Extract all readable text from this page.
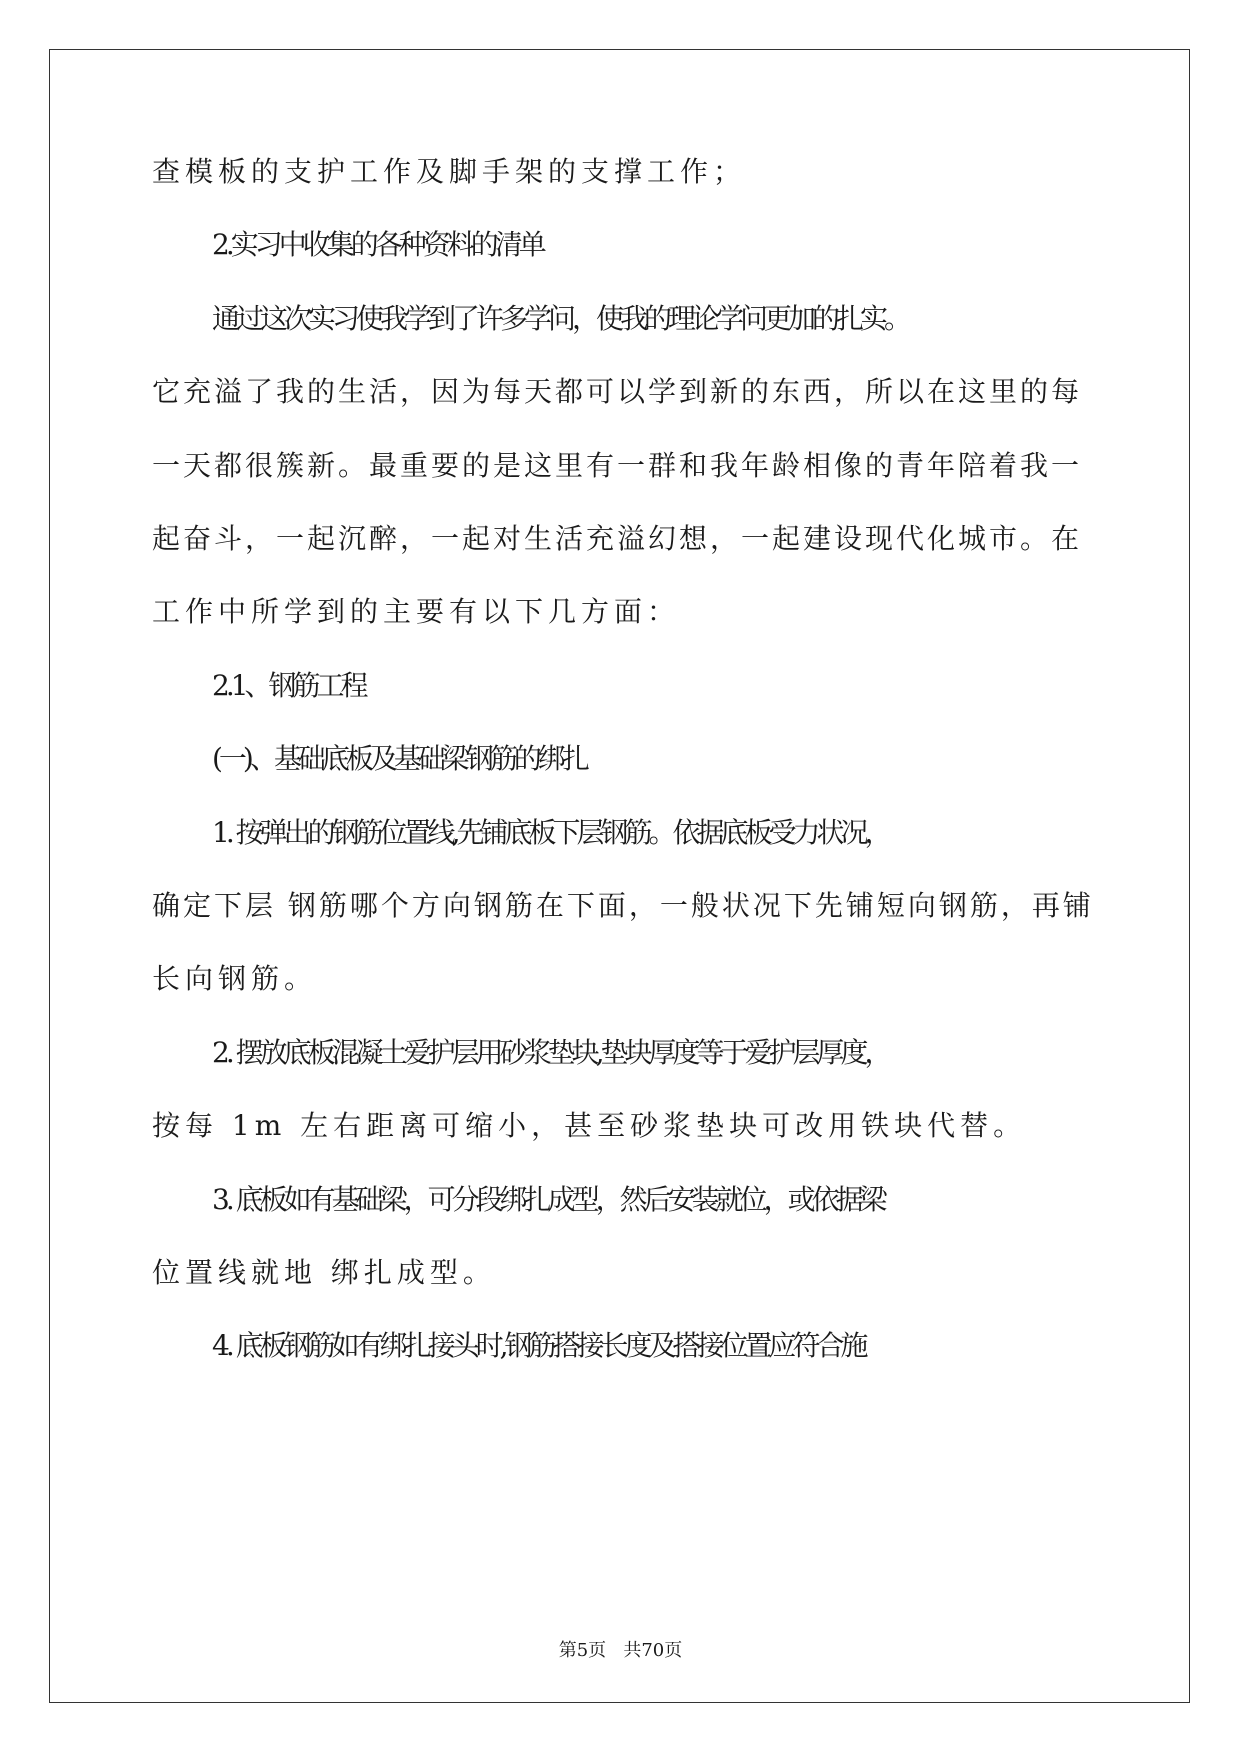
查模板的支护工作及脚手架的支撑工作；

2.实习中收集的各种资料的清单

通过这次实习使我学到了许多学问，使我的理论学问更加的扎实。

它充溢了我的生活，因为每天都可以学到新的东西，所以在这里的每

一天都很簇新。最重要的是这里有一群和我年龄相像的青年陪着我一

起奋斗，一起沉醉，一起对生活充溢幻想，一起建设现代化城市。在

工作中所学到的主要有以下几方面：

2.1、钢筋工程

(一)、基础底板及基础梁钢筋的绑扎

1. 按弹出的钢筋位置线,先铺底板下层钢筋。依据底板受力状况，

确定下层 钢筋哪个方向钢筋在下面，一般状况下先铺短向钢筋，再铺

长向钢筋。

2. 摆放底板混凝土爱护层用砂浆垫块,垫块厚度等于爱护层厚度，

按每 1m 左右距离可缩小，甚至砂浆垫块可改用铁块代替。

3. 底板如有基础梁，可分段绑扎成型，然后安装就位，或依据梁

位置线就地 绑扎成型。

4. 底板钢筋如有绑扎接头时,钢筋搭接长度及搭接位置应符合施

第5页 共70页
